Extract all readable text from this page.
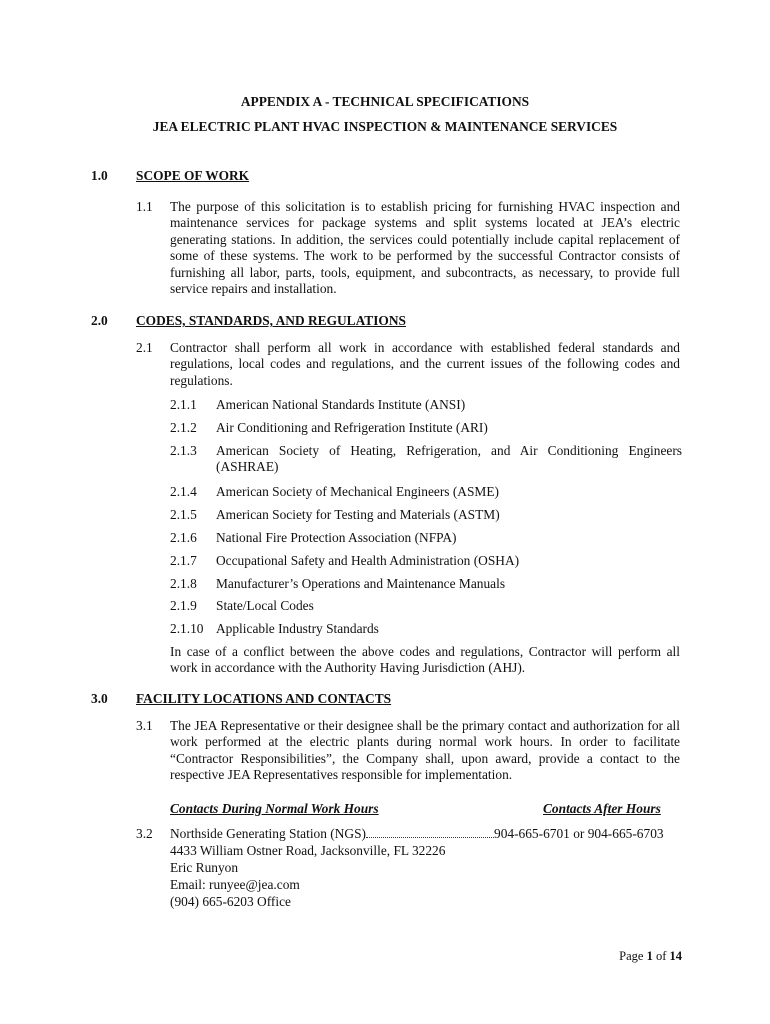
APPENDIX A - TECHNICAL SPECIFICATIONS
JEA ELECTRIC PLANT HVAC INSPECTION & MAINTENANCE SERVICES
1.0 SCOPE OF WORK
1.1 The purpose of this solicitation is to establish pricing for furnishing HVAC inspection and maintenance services for package systems and split systems located at JEA’s electric generating stations. In addition, the services could potentially include capital replacement of some of these systems. The work to be performed by the successful Contractor consists of furnishing all labor, parts, tools, equipment, and subcontracts, as necessary, to provide full service repairs and installation.
2.0 CODES, STANDARDS, AND REGULATIONS
2.1 Contractor shall perform all work in accordance with established federal standards and regulations, local codes and regulations, and the current issues of the following codes and regulations.
2.1.1 American National Standards Institute (ANSI)
2.1.2 Air Conditioning and Refrigeration Institute (ARI)
2.1.3 American Society of Heating, Refrigeration, and Air Conditioning Engineers (ASHRAE)
2.1.4 American Society of Mechanical Engineers (ASME)
2.1.5 American Society for Testing and Materials (ASTM)
2.1.6 National Fire Protection Association (NFPA)
2.1.7 Occupational Safety and Health Administration (OSHA)
2.1.8 Manufacturer’s Operations and Maintenance Manuals
2.1.9 State/Local Codes
2.1.10 Applicable Industry Standards
In case of a conflict between the above codes and regulations, Contractor will perform all work in accordance with the Authority Having Jurisdiction (AHJ).
3.0 FACILITY LOCATIONS AND CONTACTS
3.1 The JEA Representative or their designee shall be the primary contact and authorization for all work performed at the electric plants during normal work hours. In order to facilitate “Contractor Responsibilities”, the Company shall, upon award, provide a contact to the respective JEA Representatives responsible for implementation.
Contacts During Normal Work Hours	Contacts After Hours
3.2 Northside Generating Station (NGS)	904-665-6701 or 904-665-6703
4433 William Ostner Road, Jacksonville, FL 32226
Eric Runyon
Email: runyee@jea.com
(904) 665-6203 Office
Page 1 of 14
